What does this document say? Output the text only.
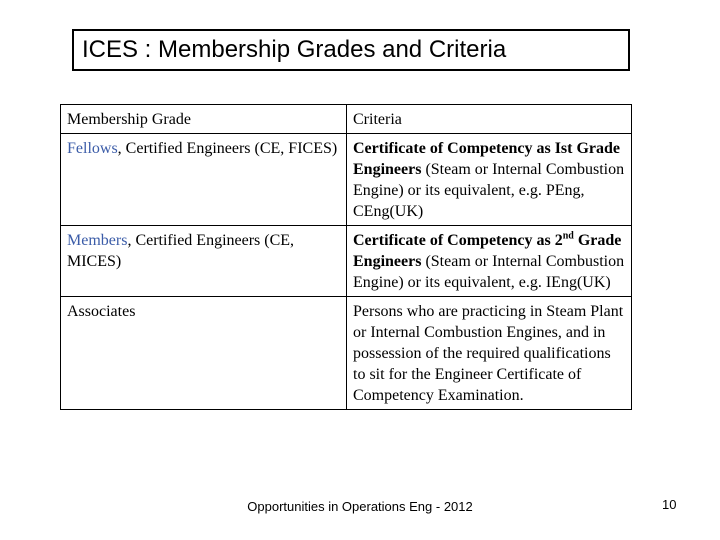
ICES : Membership Grades and Criteria
Membership Grade	Criteria
Fellows, Certified Engineers (CE, FICES)	Certificate of Competency as Ist Grade Engineers (Steam or Internal Combustion Engine) or its equivalent, e.g. PEng, CEng(UK)
Members, Certified Engineers (CE, MICES)	Certificate of Competency as 2nd Grade Engineers (Steam or Internal Combustion Engine) or its equivalent, e.g. IEng(UK)
Associates	Persons who are practicing in Steam Plant or Internal Combustion Engines, and in possession of the required qualifications to sit for the Engineer Certificate of Competency Examination.
Opportunities in Operations Eng - 2012	10
